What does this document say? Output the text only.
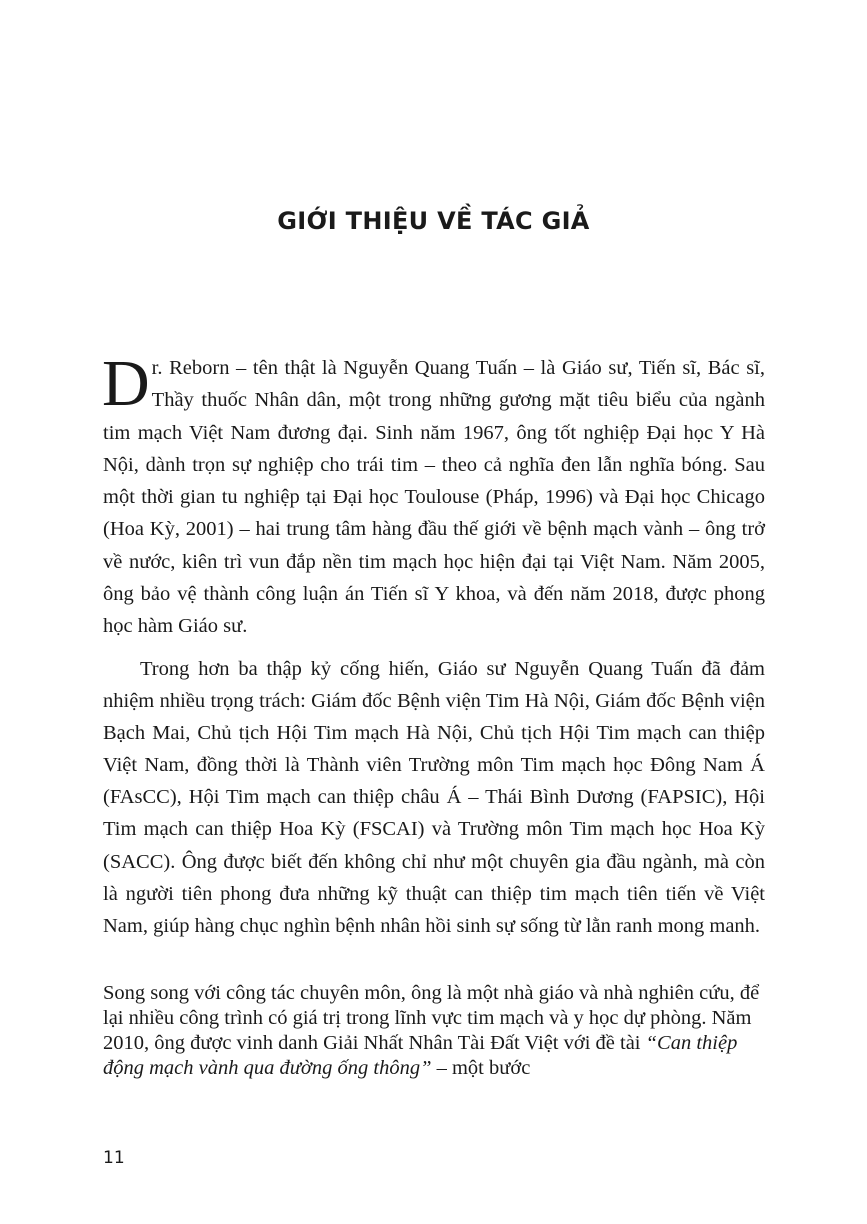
GIỚI THIỆU VỀ TÁC GIẢ
D r. Reborn – tên thật là Nguyễn Quang Tuấn – là Giáo sư, Tiến sĩ, Bác sĩ, Thầy thuốc Nhân dân, một trong những gương mặt tiêu biểu của ngành tim mạch Việt Nam đương đại. Sinh năm 1967, ông tốt nghiệp Đại học Y Hà Nội, dành trọn sự nghiệp cho trái tim – theo cả nghĩa đen lẫn nghĩa bóng. Sau một thời gian tu nghiệp tại Đại học Toulouse (Pháp, 1996) và Đại học Chicago (Hoa Kỳ, 2001) – hai trung tâm hàng đầu thế giới về bệnh mạch vành – ông trở về nước, kiên trì vun đắp nền tim mạch học hiện đại tại Việt Nam. Năm 2005, ông bảo vệ thành công luận án Tiến sĩ Y khoa, và đến năm 2018, được phong học hàm Giáo sư.
Trong hơn ba thập kỷ cống hiến, Giáo sư Nguyễn Quang Tuấn đã đảm nhiệm nhiều trọng trách: Giám đốc Bệnh viện Tim Hà Nội, Giám đốc Bệnh viện Bạch Mai, Chủ tịch Hội Tim mạch Hà Nội, Chủ tịch Hội Tim mạch can thiệp Việt Nam, đồng thời là Thành viên Trường môn Tim mạch học Đông Nam Á (FAsCC), Hội Tim mạch can thiệp châu Á – Thái Bình Dương (FAPSIC), Hội Tim mạch can thiệp Hoa Kỳ (FSCAI) và Trường môn Tim mạch học Hoa Kỳ (SACC). Ông được biết đến không chỉ như một chuyên gia đầu ngành, mà còn là người tiên phong đưa những kỹ thuật can thiệp tim mạch tiên tiến về Việt Nam, giúp hàng chục nghìn bệnh nhân hồi sinh sự sống từ lằn ranh mong manh.
Song song với công tác chuyên môn, ông là một nhà giáo và nhà nghiên cứu, để lại nhiều công trình có giá trị trong lĩnh vực tim mạch và y học dự phòng. Năm 2010, ông được vinh danh Giải Nhất Nhân Tài Đất Việt với đề tài “Can thiệp động mạch vành qua đường ống thông” – một bước
11
